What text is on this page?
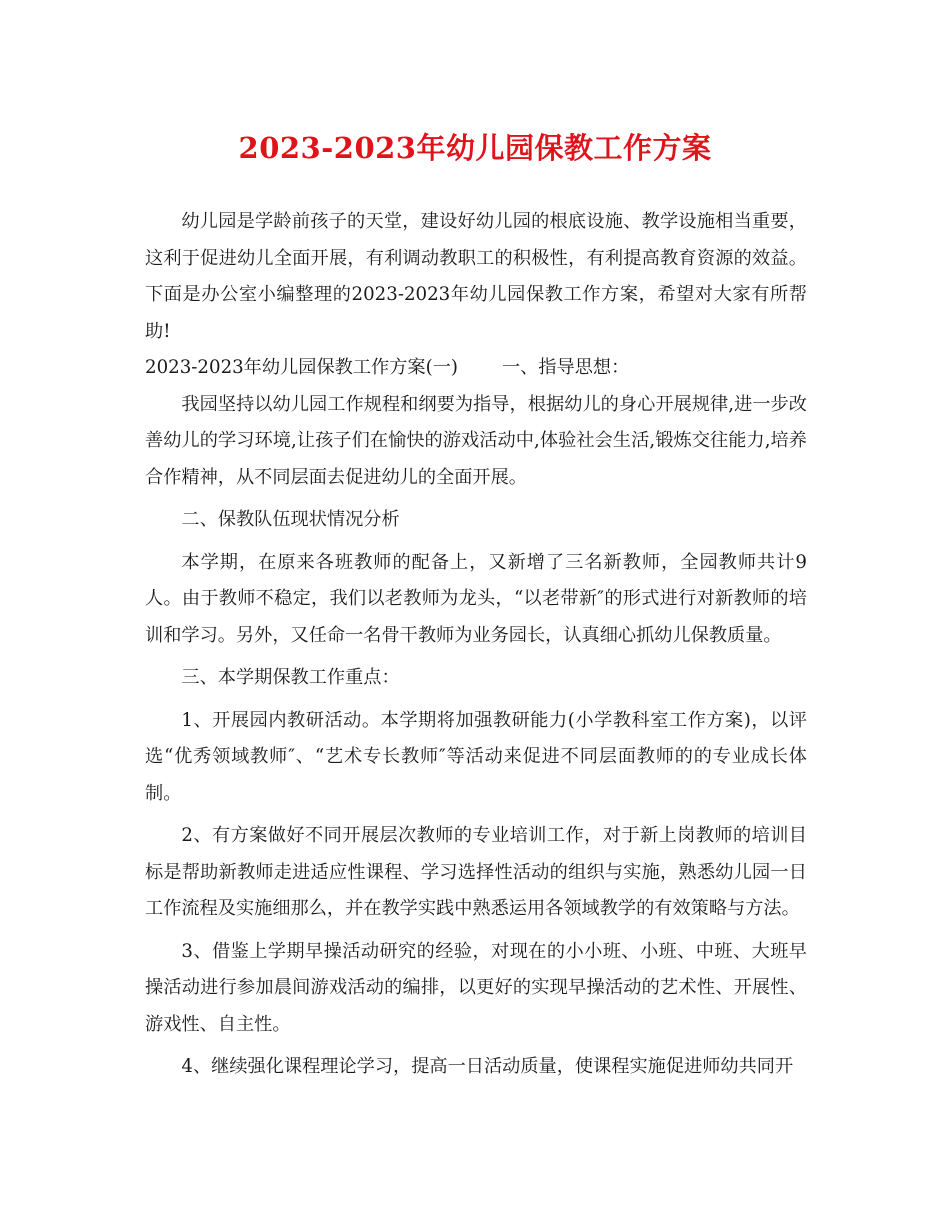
2023-2023年幼儿园保教工作方案

幼儿园是学龄前孩子的天堂，建设好幼儿园的根底设施、教学设施相当重要，这利于促进幼儿全面开展，有利调动教职工的积极性，有利提高教育资源的效益。下面是办公室小编整理的2023-2023年幼儿园保教工作方案，希望对大家有所帮助!

2023-2023年幼儿园保教工作方案(一) 一、指导思想：

我园坚持以幼儿园工作规程和纲要为指导，根据幼儿的身心开展规律,进一步改善幼儿的学习环境,让孩子们在愉快的游戏活动中,体验社会生活,锻炼交往能力,培养合作精神，从不同层面去促进幼儿的全面开展。

二、保教队伍现状情况分析

本学期，在原来各班教师的配备上，又新增了三名新教师，全园教师共计9人。由于教师不稳定，我们以老教师为龙头，“以老带新″的形式进行对新教师的培训和学习。另外，又任命一名骨干教师为业务园长，认真细心抓幼儿保教质量。

三、本学期保教工作重点：

1、开展园内教研活动。本学期将加强教研能力(小学教科室工作方案)，以评选“优秀领域教师″、“艺术专长教师″等活动来促进不同层面教师的的专业成长体制。

2、有方案做好不同开展层次教师的专业培训工作，对于新上岗教师的培训目标是帮助新教师走进适应性课程、学习选择性活动的组织与实施，熟悉幼儿园一日工作流程及实施细那么，并在教学实践中熟悉运用各领域教学的有效策略与方法。

3、借鉴上学期早操活动研究的经验，对现在的小小班、小班、中班、大班早操活动进行参加晨间游戏活动的编排，以更好的实现早操活动的艺术性、开展性、游戏性、自主性。

4、继续强化课程理论学习，提高一日活动质量，使课程实施促进师幼共同开
